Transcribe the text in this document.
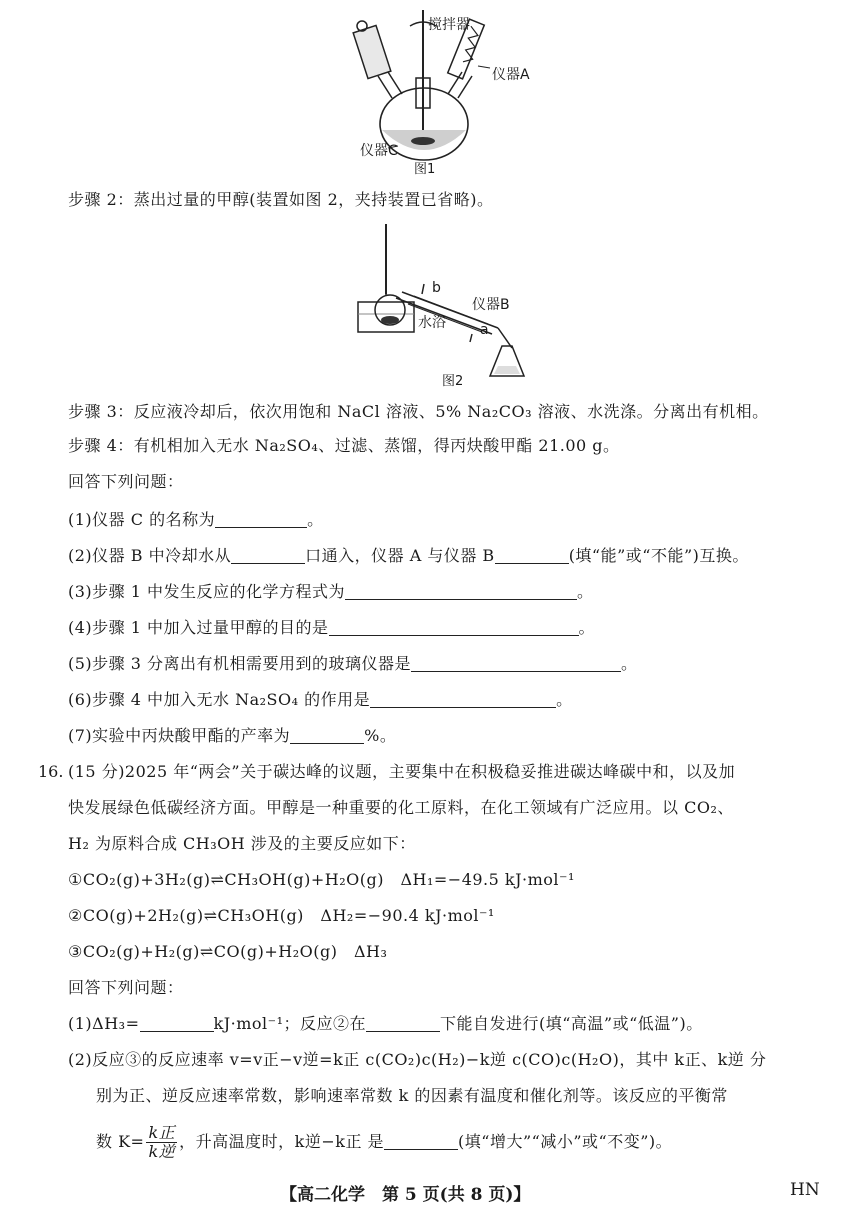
搅拌器
仪器A
仪器C
图1
步骤 2：蒸出过量的甲醇(装置如图 2，夹持装置已省略)。
b
仪器B
水浴 a
图2
步骤 3：反应液冷却后，依次用饱和 NaCl 溶液、5% Na₂CO₃ 溶液、水洗涤。分离出有机相。
步骤 4：有机相加入无水 Na₂SO₄、过滤、蒸馏，得丙炔酸甲酯 21.00 g。
回答下列问题：
(1)仪器 C 的名称为	。
(2)仪器 B 中冷却水从	口通入，仪器 A 与仪器 B	(填“能”或“不能”)互换。
(3)步骤 1 中发生反应的化学方程式为	。
(4)步骤 1 中加入过量甲醇的目的是	。
(5)步骤 3 分离出有机相需要用到的玻璃仪器是	。
(6)步骤 4 中加入无水 Na₂SO₄ 的作用是	。
(7)实验中丙炔酸甲酯的产率为	%。
16. (15 分)2025 年“两会”关于碳达峰的议题，主要集中在积极稳妥推进碳达峰碳中和，以及加
快发展绿色低碳经济方面。甲醇是一种重要的化工原料，在化工领域有广泛应用。以 CO₂、
H₂ 为原料合成 CH₃OH 涉及的主要反应如下：
①CO₂(g)+3H₂(g)⇌CH₃OH(g)+H₂O(g)　ΔH₁=−49.5 kJ·mol⁻¹
②CO(g)+2H₂(g)⇌CH₃OH(g)　ΔH₂=−90.4 kJ·mol⁻¹
③CO₂(g)+H₂(g)⇌CO(g)+H₂O(g)　ΔH₃
回答下列问题：
(1)ΔH₃=	kJ·mol⁻¹；反应②在	下能自发进行(填“高温”或“低温”)。
(2)反应③的反应速率 v=v正−v逆=k正 c(CO₂)c(H₂)−k逆 c(CO)c(H₂O)，其中 k正、k逆 分
别为正、逆反应速率常数，影响速率常数 k 的因素有温度和催化剂等。该反应的平衡常
数 $K= \frac{\text{k正}}{\text{k逆}}$ ，升高温度时，k逆−k正 是	(填“增大”“减小”或“不变”)。
【高二化学　第 5 页(共 8 页)】	HN
